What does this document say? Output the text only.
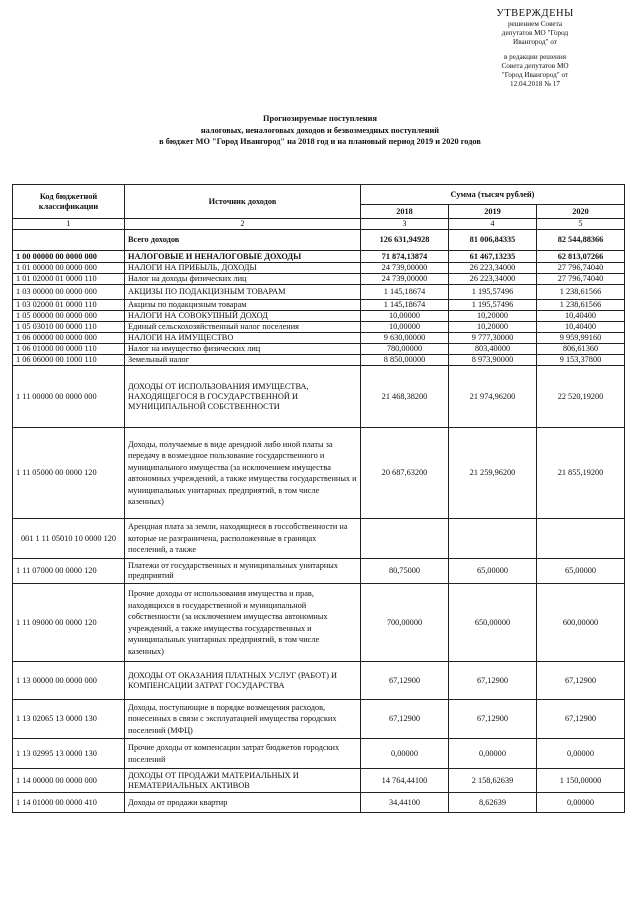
УТВЕРЖДЕНЫ
решением Совета
депутатов МО "Город
Ивангород" от
в редакции решения
Совета депутатов МО
"Город Ивангород" от
12.04.2018 № 17
Прогнозируемые поступления
налоговых, неналоговых доходов и безвозмездных поступлений
в бюджет МО "Город Ивангород" на 2018 год и на плановый период 2019 и 2020 годов
Код бюджетной классификации	Источник доходов	Сумма (тысяч рублей)		
		2018	2019	2020
1	2	3	4	5
	Всего доходов	126 631,94928	81 006,84335	82 544,88366
1 00 00000 00 0000 000	НАЛОГОВЫЕ И НЕНАЛОГОВЫЕ ДОХОДЫ	71 874,13874	61 467,13235	62 813,07266
1 01 00000 00 0000 000	НАЛОГИ НА ПРИБЫЛЬ, ДОХОДЫ	24 739,00000	26 223,34000	27 796,74040
1 01 02000 01 0000 110	Налог на доходы физических лиц	24 739,00000	26 223,34000	27 796,74040
1 03 00000 00 0000 000	АКЦИЗЫ ПО ПОДАКЦИЗНЫМ ТОВАРАМ	1 145,18674	1 195,57496	1 238,61566
1 03 02000 01 0000 110	Акцизы по подакцизным товарам	1 145,18674	1 195,57496	1 238,61566
1 05 00000 00 0000 000	НАЛОГИ НА СОВОКУПНЫЙ ДОХОД	10,00000	10,20000	10,40400
1 05 03010 00 0000 110	Единый сельскохозяйственный налог поселения	10,00000	10,20000	10,40400
1 06 00000 00 0000 000	НАЛОГИ НА ИМУЩЕСТВО	9 630,00000	9 777,30000	9 959,99160
1 06 01000 00 0000 110	Налог на имущество физических лиц	780,00000	803,40000	806,61360
1 06 06000 00 1000 110	Земельный налог	8 850,00000	8 973,90000	9 153,37800
1 11 00000 00 0000 000	ДОХОДЫ ОТ ИСПОЛЬЗОВАНИЯ ИМУЩЕСТВА, НАХОДЯЩЕГОСЯ В ГОСУДАРСТВЕННОЙ И МУНИЦИПАЛЬНОЙ СОБСТВЕННОСТИ	21 468,38200	21 974,96200	22 520,19200
1 11 05000 00 0000 120	Доходы, получаемые в виде арендной либо иной платы за передачу в возмездное пользование государственного и муниципального имущества (за исключением имущества автономных учреждений, а также имущества государственных и муниципальных унитарных предприятий, в том числе казенных)	20 687,63200	21 259,96200	21 855,19200
001 1 11 05010 10 0000 120	Арендная плата за земли, находящиеся в госсобственности на которые не разграничена, расположенные в границах поселений, а также			
1 11 07000 00 0000 120	Платежи от государственных и муниципальных унитарных предприятий	80,75000	65,00000	65,00000
1 11 09000 00 0000 120	Прочие доходы от использования имущества и прав, находящихся в государственной и муниципальной собственности (за исключением имущества автономных учреждений, а также имущества государственных и муниципальных унитарных предприятий, в том числе казенных)	700,00000	650,00000	600,00000
1 13 00000 00 0000 000	ДОХОДЫ ОТ ОКАЗАНИЯ ПЛАТНЫХ УСЛУГ (РАБОТ) И КОМПЕНСАЦИИ ЗАТРАТ ГОСУДАРСТВА	67,12900	67,12900	67,12900
1 13 02065 13 0000 130	Доходы, поступающие в порядке возмещения расходов, понесенных в связи с эксплуатацией имущества городских поселений (МФЦ)	67,12900	67,12900	67,12900
1 13 02995 13 0000 130	Прочие доходы от компенсации затрат бюджетов городских поселений	0,00000	0,00000	0,00000
1 14 00000 00 0000 000	ДОХОДЫ ОТ ПРОДАЖИ МАТЕРИАЛЬНЫХ И НЕМАТЕРИАЛЬНЫХ АКТИВОВ	14 764,44100	2 158,62639	1 150,00000
1 14 01000 00 0000 410	Доходы от продажи квартир	34,44100	8,62639	0,00000
